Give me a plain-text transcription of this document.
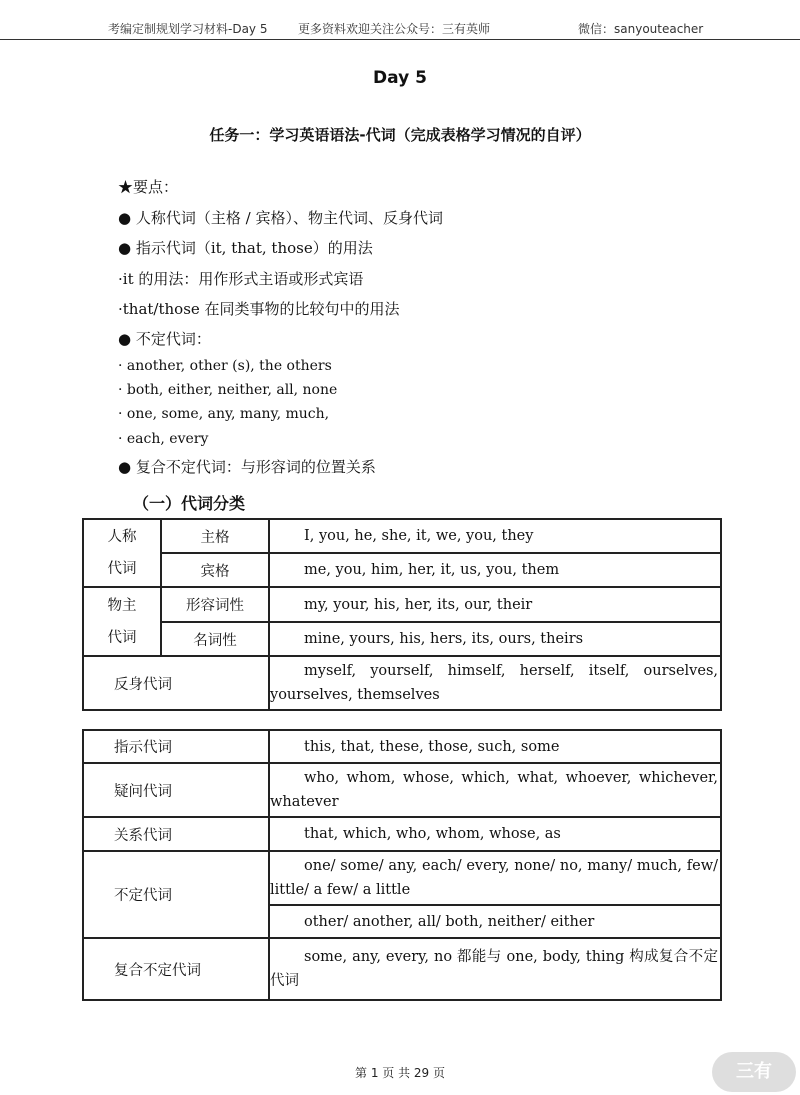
考编定制规划学习材料-Day 5	更多资料欢迎关注公众号：三有英师	微信：sanyouteacher
Day 5
任务一：学习英语语法-代词（完成表格学习情况的自评）
★要点：
● 人称代词（主格 / 宾格）、物主代词、反身代词
● 指示代词（it, that, those）的用法
·it 的用法：用作形式主语或形式宾语
·that/those 在同类事物的比较句中的用法
● 不定代词：
· another, other (s), the others
· both, either, neither, all, none
· one, some, any, many, much,
· each, every
● 复合不定代词：与形容词的位置关系
（一）代词分类
人称
代词	主格	I, you, he, she, it, we, you, they
	宾格	me, you, him, her, it, us, you, them

物主
代词	形容词性	my, your, his, her, its, our, their
	名词性	mine, yours, his, hers, its, ours, theirs
反身代词		myself, yourself, himself, herself, itself, ourselves,
yourselves, themselves
指示代词	this, that, these, those, such, some
疑问代词	who, whom, whose, which, what, whoever, whichever,
whatever
关系代词	that, which, who, whom, whose, as
不定代词	one/ some/ any, each/ every, none/ no, many/ much, few/
little/ a few/ a little
	other/ another, all/ both, neither/ either
复合不定代词	some, any, every, no 都能与 one, body, thing 构成复合不定
代词
第 1 页 共 29 页	三有
